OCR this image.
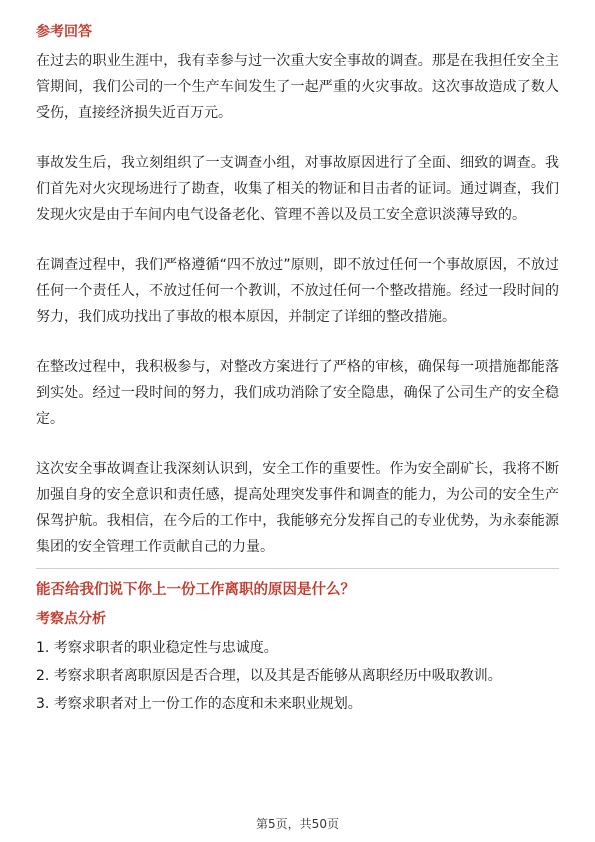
参考回答

在过去的职业生涯中，我有幸参与过一次重大安全事故的调查。那是在我担任安全主管期间，我们公司的一个生产车间发生了一起严重的火灾事故。这次事故造成了数人受伤，直接经济损失近百万元。

事故发生后，我立刻组织了一支调查小组，对事故原因进行了全面、细致的调查。我们首先对火灾现场进行了勘查，收集了相关的物证和目击者的证词。通过调查，我们发现火灾是由于车间内电气设备老化、管理不善以及员工安全意识淡薄导致的。

在调查过程中，我们严格遵循“四不放过”原则，即不放过任何一个事故原因，不放过任何一个责任人，不放过任何一个教训，不放过任何一个整改措施。经过一段时间的努力，我们成功找出了事故的根本原因，并制定了详细的整改措施。

在整改过程中，我积极参与，对整改方案进行了严格的审核，确保每一项措施都能落到实处。经过一段时间的努力，我们成功消除了安全隐患，确保了公司生产的安全稳定。

这次安全事故调查让我深刻认识到，安全工作的重要性。作为安全副矿长，我将不断加强自身的安全意识和责任感，提高处理突发事件和调查的能力，为公司的安全生产保驾护航。我相信，在今后的工作中，我能够充分发挥自己的专业优势，为永泰能源集团的安全管理工作贡献自己的力量。

能否给我们说下你上一份工作离职的原因是什么？
考察点分析
1. 考察求职者的职业稳定性与忠诚度。
2. 考察求职者离职原因是否合理，以及其是否能够从离职经历中吸取教训。
3. 考察求职者对上一份工作的态度和未来职业规划。
第5页，共50页
